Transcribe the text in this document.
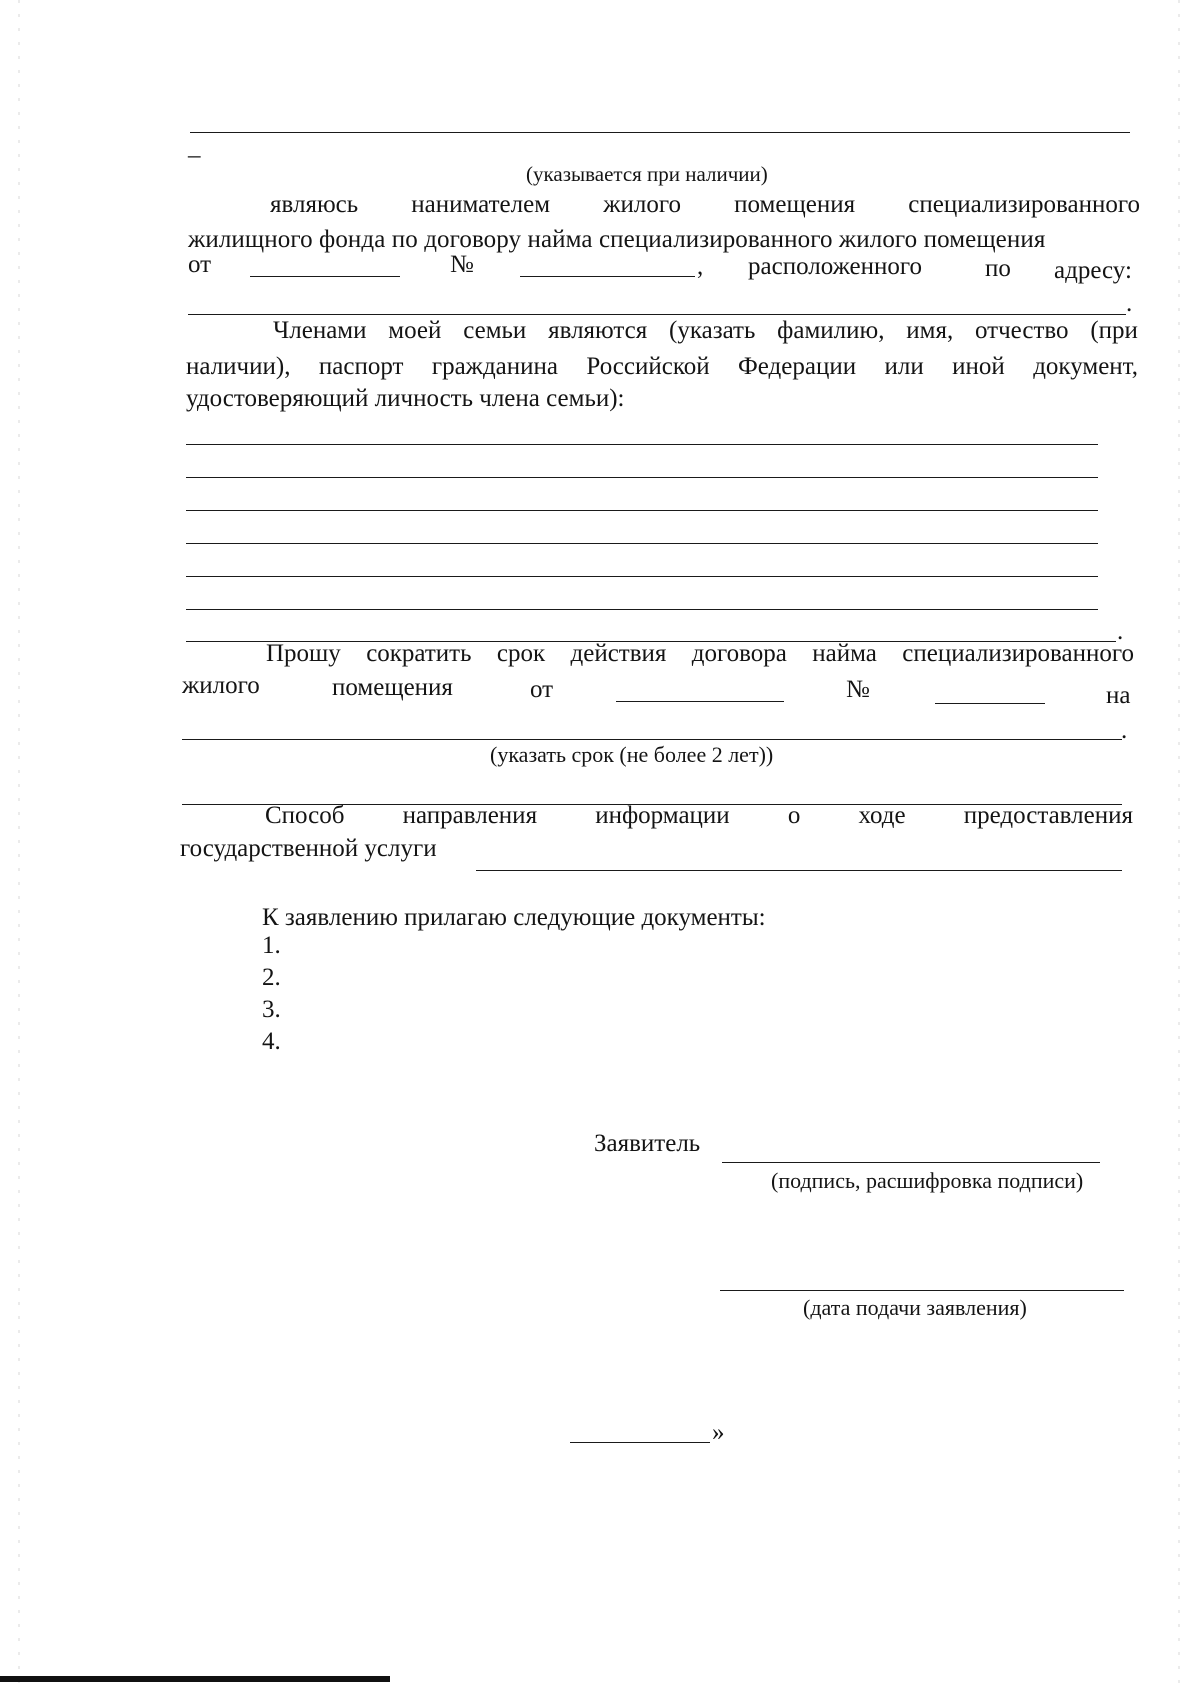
_
(указывается при наличии)
являюсь нанимателем жилого помещения специализированного
жилищного фонда по договору найма специализированного жилого помещения
от	№	, расположенного	по адресу:
.
Членами моей семьи являются (указать фамилию, имя, отчество (при
наличии), паспорт гражданина Российской Федерации или иной документ,
удостоверяющий личность члена семьи):
.
Прошу сократить срок действия договора найма специализированного
жилого	помещения	от	№	на
.
(указать срок (не более 2 лет))
Способ направления информации о ходе предоставления
государственной услуги
К заявлению прилагаю следующие документы:
1.
2.
3.
4.
Заявитель
(подпись, расшифровка подписи)
(дата подачи заявления)
»
